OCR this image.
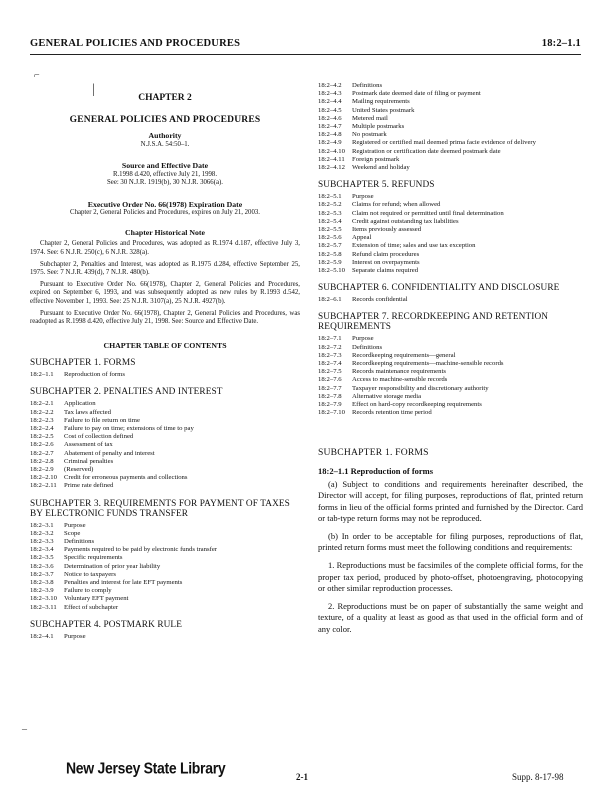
GENERAL POLICIES AND PROCEDURES	18:2–1.1
⌐
|
–
CHAPTER 2
GENERAL POLICIES AND PROCEDURES
Authority
N.J.S.A. 54:50–1.
Source and Effective Date
R.1998 d.420, effective July 21, 1998.
See: 30 N.J.R. 1919(b), 30 N.J.R. 3066(a).
Executive Order No. 66(1978) Expiration Date
Chapter 2, General Policies and Procedures, expires on July 21, 2003.
Chapter Historical Note
Chapter 2, General Policies and Procedures, was adopted as R.1974 d.187, effective July 3, 1974. See: 6 N.J.R. 250(c), 6 N.J.R. 328(a).
Subchapter 2, Penalties and Interest, was adopted as R.1975 d.284, effective September 25, 1975. See: 7 N.J.R. 439(d), 7 N.J.R. 480(b).
Pursuant to Executive Order No. 66(1978), Chapter 2, General Policies and Procedures, expired on September 6, 1993, and was subsequently adopted as new rules by R.1993 d.542, effective November 1, 1993. See: 25 N.J.R. 3107(a), 25 N.J.R. 4927(b).
Pursuant to Executive Order No. 66(1978), Chapter 2, General Policies and Procedures, was readopted as R.1998 d.420, effective July 21, 1998. See: Source and Effective Date.
CHAPTER TABLE OF CONTENTS
SUBCHAPTER 1. FORMS
18:2–1.1	Reproduction of forms
SUBCHAPTER 2. PENALTIES AND INTEREST
18:2–2.1	Application
18:2–2.2	Tax laws affected
18:2–2.3	Failure to file return on time
18:2–2.4	Failure to pay on time; extensions of time to pay
18:2–2.5	Cost of collection defined
18:2–2.6	Assessment of tax
18:2–2.7	Abatement of penalty and interest
18:2–2.8	Criminal penalties
18:2–2.9	(Reserved)
18:2–2.10	Credit for erroneous payments and collections
18:2–2.11	Prime rate defined
SUBCHAPTER 3. REQUIREMENTS FOR PAYMENT OF TAXES BY ELECTRONIC FUNDS TRANSFER
18:2–3.1	Purpose
18:2–3.2	Scope
18:2–3.3	Definitions
18:2–3.4	Payments required to be paid by electronic funds transfer
18:2–3.5	Specific requirements
18:2–3.6	Determination of prior year liability
18:2–3.7	Notice to taxpayers
18:2–3.8	Penalties and interest for late EFT payments
18:2–3.9	Failure to comply
18:2–3.10	Voluntary EFT payment
18:2–3.11	Effect of subchapter
SUBCHAPTER 4. POSTMARK RULE
18:2–4.1	Purpose
18:2–4.2	Definitions
18:2–4.3	Postmark date deemed date of filing or payment
18:2–4.4	Mailing requirements
18:2–4.5	United States postmark
18:2–4.6	Metered mail
18:2–4.7	Multiple postmarks
18:2–4.8	No postmark
18:2–4.9	Registered or certified mail deemed prima facie evidence of delivery
18:2–4.10	Registration or certification date deemed postmark date
18:2–4.11	Foreign postmark
18:2–4.12	Weekend and holiday
SUBCHAPTER 5. REFUNDS
18:2–5.1	Purpose
18:2–5.2	Claims for refund; when allowed
18:2–5.3	Claim not required or permitted until final determination
18:2–5.4	Credit against outstanding tax liabilities
18:2–5.5	Items previously assessed
18:2–5.6	Appeal
18:2–5.7	Extension of time; sales and use tax exception
18:2–5.8	Refund claim procedures
18:2–5.9	Interest on overpayments
18:2–5.10	Separate claims required
SUBCHAPTER 6. CONFIDENTIALITY AND DISCLOSURE
18:2–6.1	Records confidential
SUBCHAPTER 7. RECORDKEEPING AND RETENTION REQUIREMENTS
18:2–7.1	Purpose
18:2–7.2	Definitions
18:2–7.3	Recordkeeping requirements—general
18:2–7.4	Recordkeeping requirements—machine-sensible records
18:2–7.5	Records maintenance requirements
18:2–7.6	Access to machine-sensible records
18:2–7.7	Taxpayer responsibility and discretionary authority
18:2–7.8	Alternative storage media
18:2–7.9	Effect on hard-copy recordkeeping requirements
18:2–7.10	Records retention time period
SUBCHAPTER 1. FORMS
18:2–1.1 Reproduction of forms
(a) Subject to conditions and requirements hereinafter described, the Director will accept, for filing purposes, reproductions of flat, printed return forms in lieu of the official forms printed and furnished by the Director. Card or tab-type return forms may not be reproduced.
(b) In order to be acceptable for filing purposes, reproductions of flat, printed return forms must meet the following conditions and requirements:
1. Reproductions must be facsimiles of the complete official forms, for the proper tax period, produced by photo-offset, photoengraving, photocopying or other similar reproduction processes.
2. Reproductions must be on paper of substantially the same weight and texture, of a quality at least as good as that used in the official form and of any color.
New Jersey State Library
2-1	Supp. 8-17-98
